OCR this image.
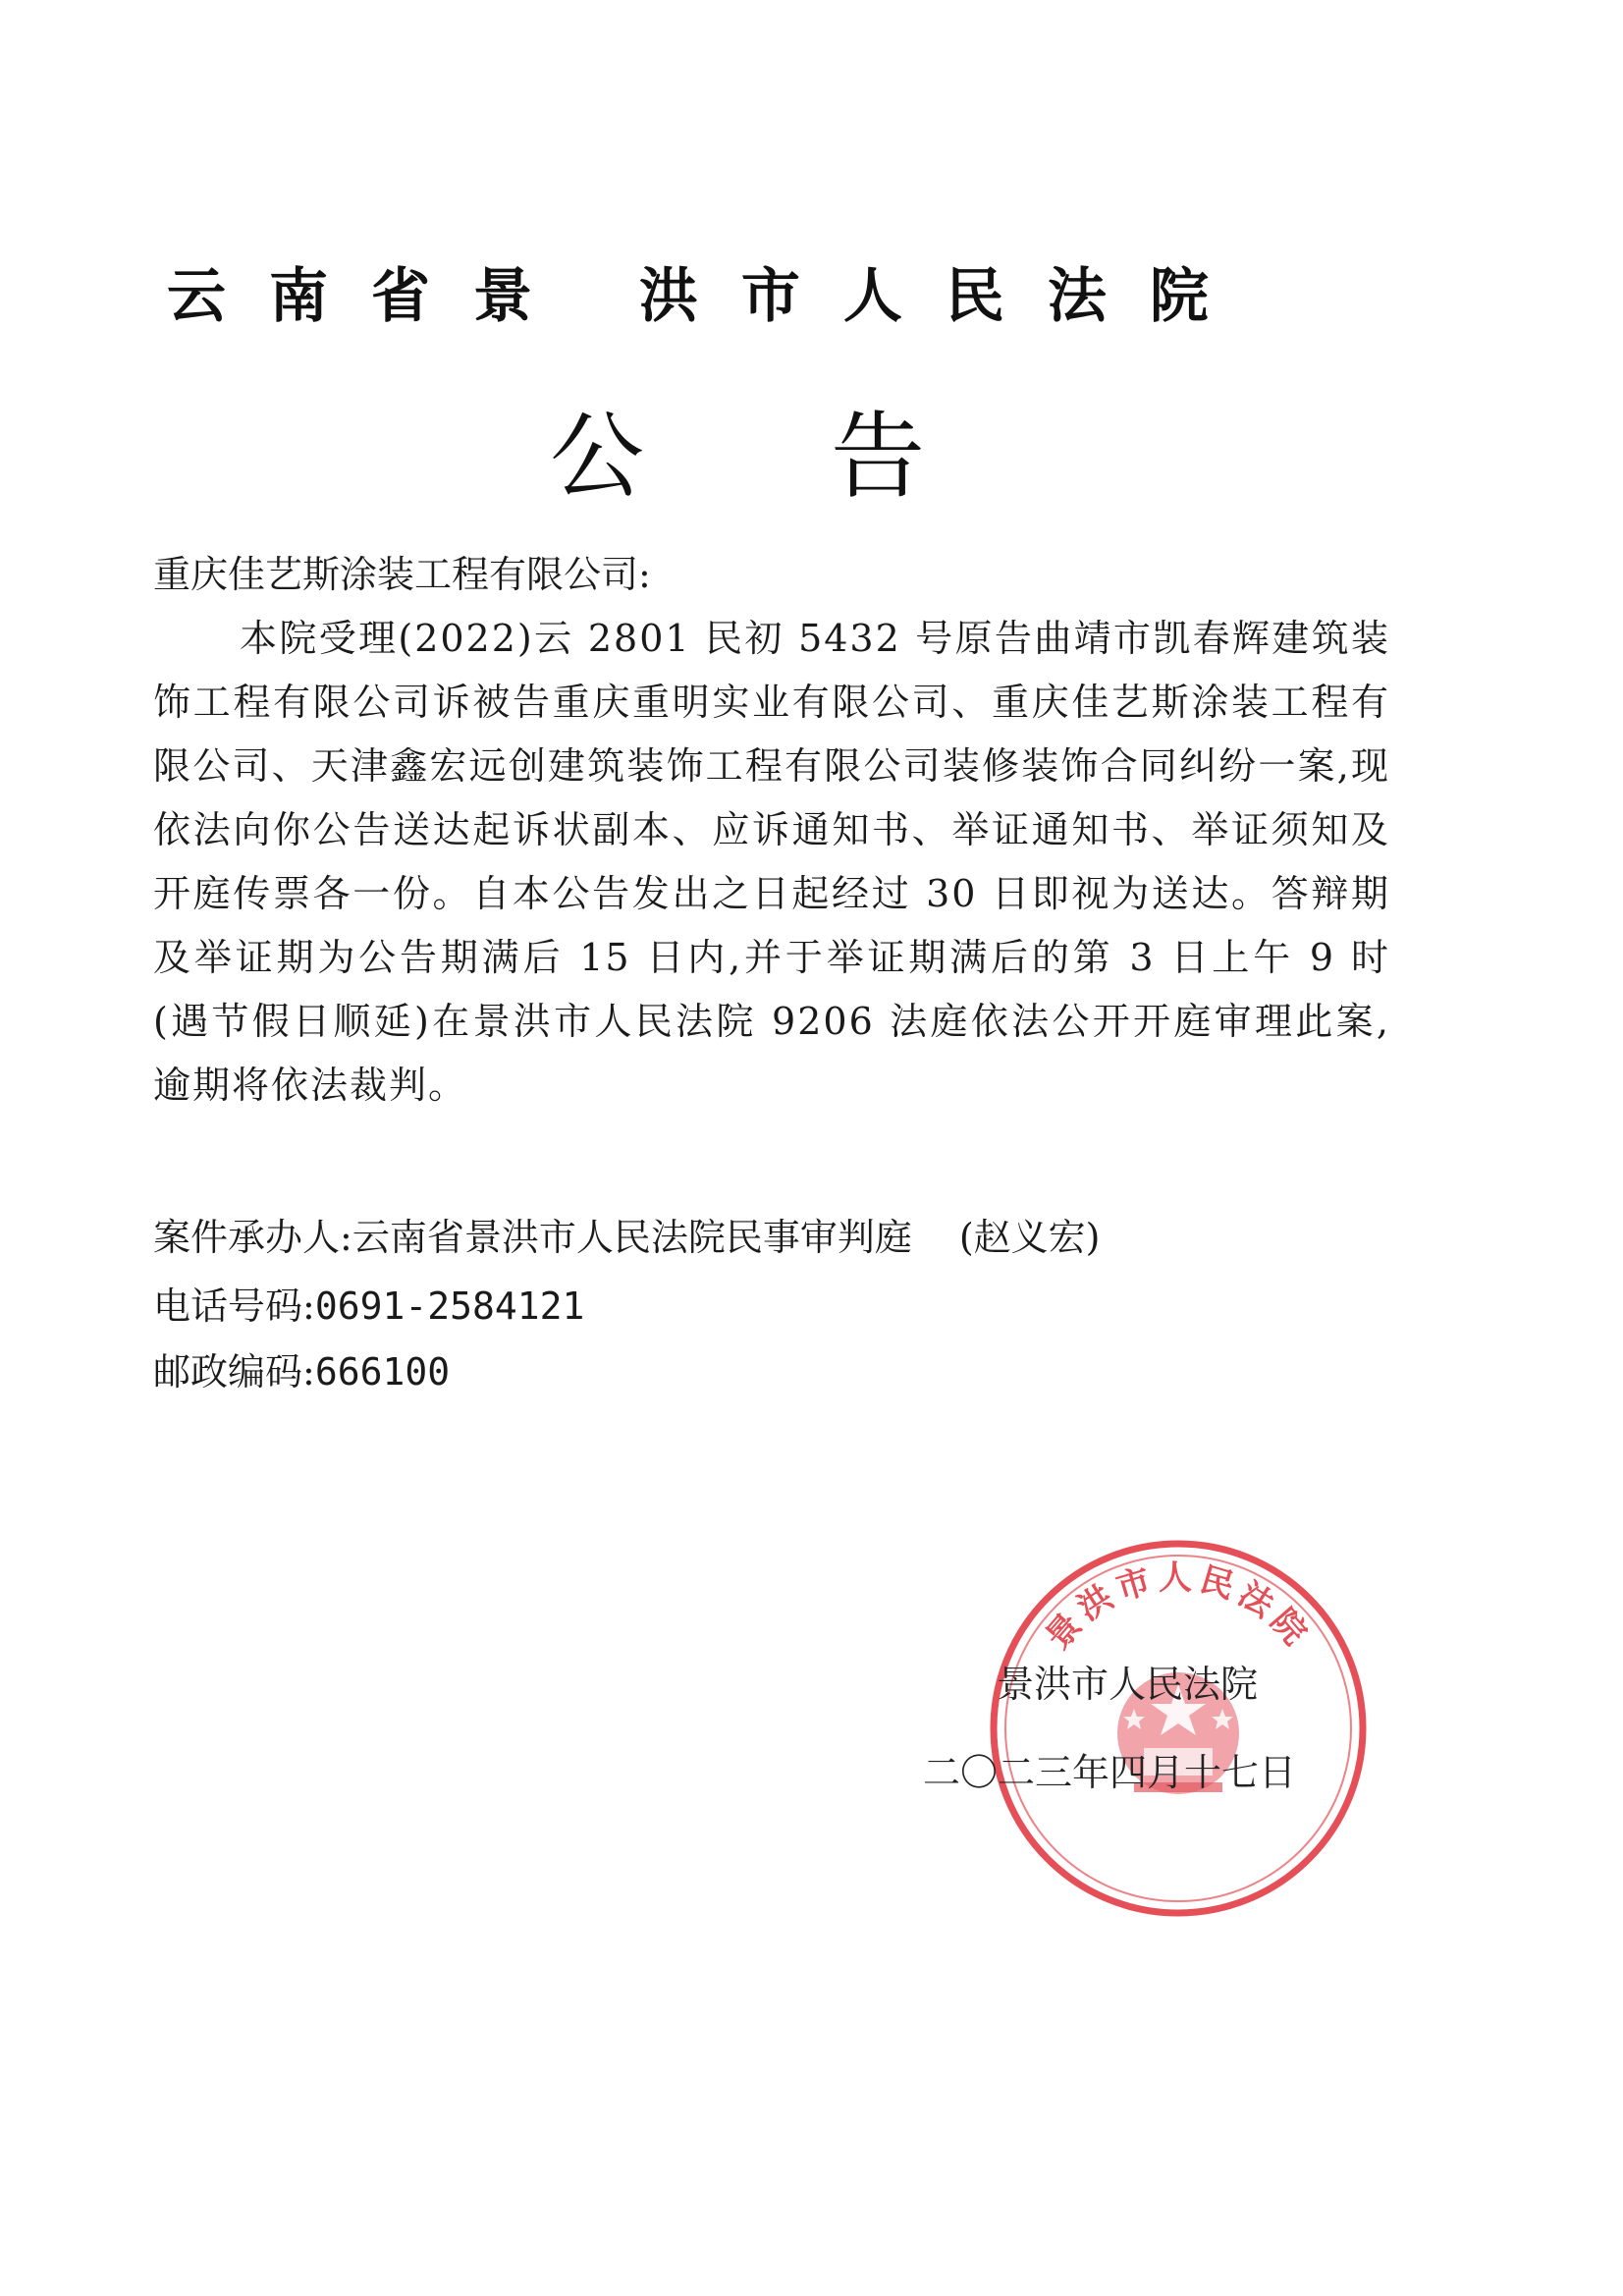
云南省景 洪市人民法院
公告
重庆佳艺斯涂装工程有限公司:

本院受理(2022)云 2801 民初 5432 号原告曲靖市凯春辉建筑装饰工程有限公司诉被告重庆重明实业有限公司、重庆佳艺斯涂装工程有限公司、天津鑫宏远创建筑装饰工程有限公司装修装饰合同纠纷一案,现依法向你公告送达起诉状副本、应诉通知书、举证通知书、举证须知及开庭传票各一份。自本公告发出之日起经过 30 日即视为送达。答辩期及举证期为公告期满后 15 日内,并于举证期满后的第 3 日上午 9 时 (遇节假日顺延)在景洪市人民法院 9206 法庭依法公开开庭审理此案,逾期将依法裁判。

案件承办人:云南省景洪市人民法院民事审判庭 (赵义宏)
电话号码:0691-2584121
邮政编码:666100
景洪市人民法院
景洪市人民法院
二〇二三年四月十七日
